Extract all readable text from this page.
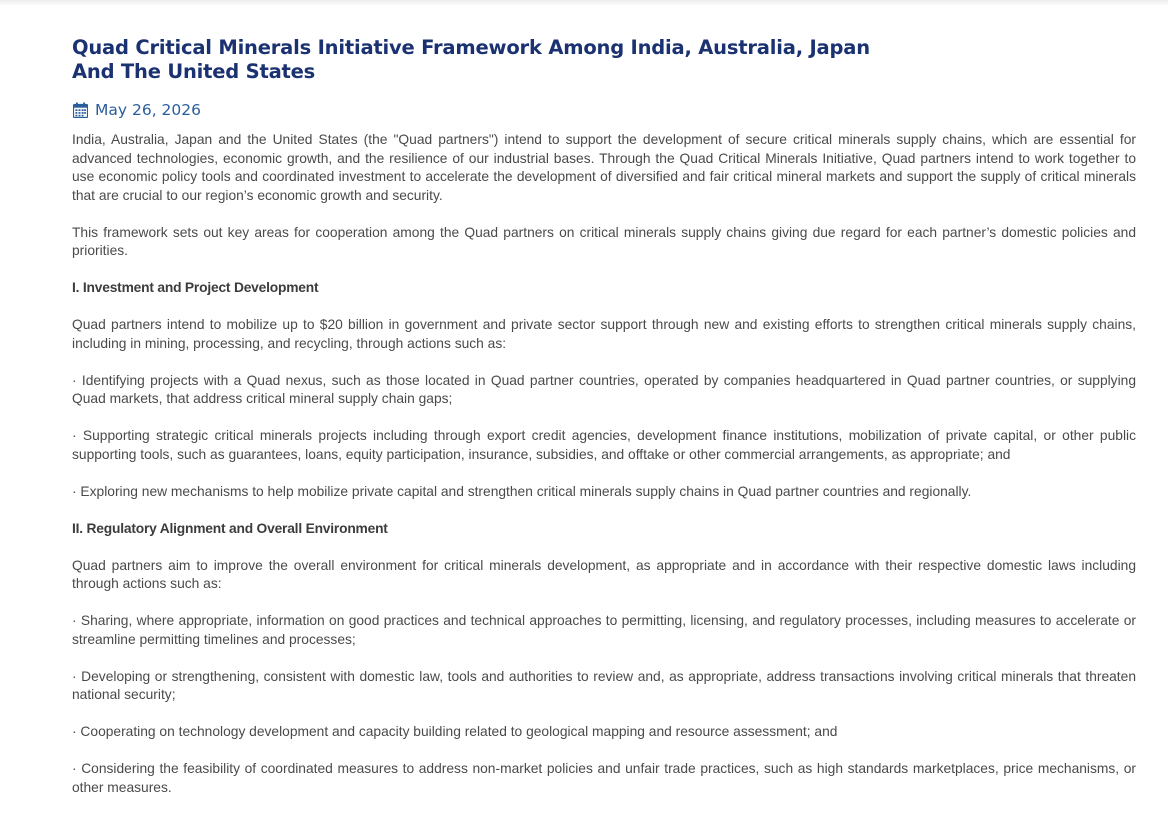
Quad Critical Minerals Initiative Framework Among India, Australia, Japan And The United States
May 26, 2026

India, Australia, Japan and the United States (the "Quad partners") intend to support the development of secure critical minerals supply chains, which are essential for advanced technologies, economic growth, and the resilience of our industrial bases. Through the Quad Critical Minerals Initiative, Quad partners intend to work together to use economic policy tools and coordinated investment to accelerate the development of diversified and fair critical mineral markets and support the supply of critical minerals that are crucial to our region’s economic growth and security.

This framework sets out key areas for cooperation among the Quad partners on critical minerals supply chains giving due regard for each partner’s domestic policies and priorities.

I. Investment and Project Development

Quad partners intend to mobilize up to $20 billion in government and private sector support through new and existing efforts to strengthen critical minerals supply chains, including in mining, processing, and recycling, through actions such as:

· Identifying projects with a Quad nexus, such as those located in Quad partner countries, operated by companies headquartered in Quad partner countries, or supplying Quad markets, that address critical mineral supply chain gaps;

· Supporting strategic critical minerals projects including through export credit agencies, development finance institutions, mobilization of private capital, or other public supporting tools, such as guarantees, loans, equity participation, insurance, subsidies, and offtake or other commercial arrangements, as appropriate; and

· Exploring new mechanisms to help mobilize private capital and strengthen critical minerals supply chains in Quad partner countries and regionally.

II. Regulatory Alignment and Overall Environment

Quad partners aim to improve the overall environment for critical minerals development, as appropriate and in accordance with their respective domestic laws including through actions such as:

· Sharing, where appropriate, information on good practices and technical approaches to permitting, licensing, and regulatory processes, including measures to accelerate or streamline permitting timelines and processes;

· Developing or strengthening, consistent with domestic law, tools and authorities to review and, as appropriate, address transactions involving critical minerals that threaten national security;

· Cooperating on technology development and capacity building related to geological mapping and resource assessment; and

· Considering the feasibility of coordinated measures to address non-market policies and unfair trade practices, such as high standards marketplaces, price mechanisms, or other measures.
